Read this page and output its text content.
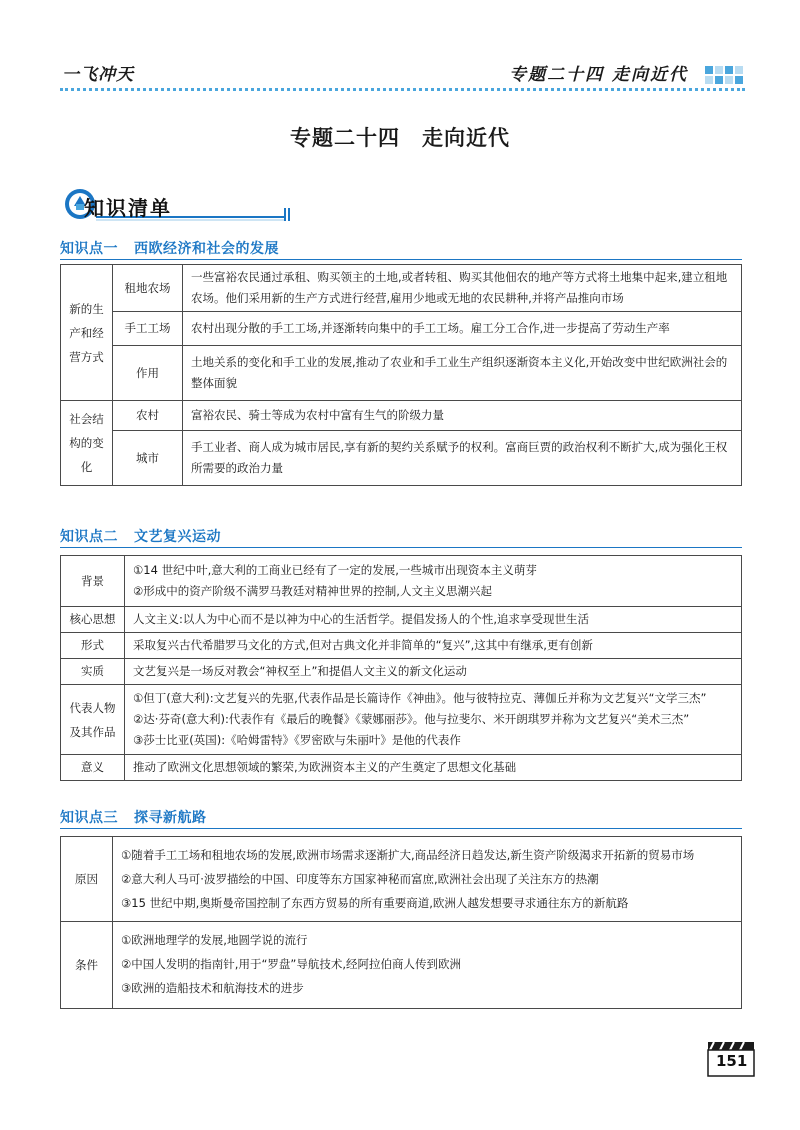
一飞冲天	专题二十四 走向近代
专题二十四 走向近代
知识清单
知识点一 西欧经济和社会的发展
新的生产和经营方式	租地农场	一些富裕农民通过承租、购买领主的土地,或者转租、购买其他佃农的地产等方式将土地集中起来,建立租地农场。他们采用新的生产方式进行经营,雇用少地或无地的农民耕种,并将产品推向市场
	手工工场	农村出现分散的手工工场,并逐渐转向集中的手工工场。雇工分工合作,进一步提高了劳动生产率
	作用	土地关系的变化和手工业的发展,推动了农业和手工业生产组织逐渐资本主义化,开始改变中世纪欧洲社会的整体面貌
社会结构的变化	农村	富裕农民、骑士等成为农村中富有生气的阶级力量
	城市	手工业者、商人成为城市居民,享有新的契约关系赋予的权利。富商巨贾的政治权利不断扩大,成为强化王权所需要的政治力量
知识点二 文艺复兴运动
背景	①14 世纪中叶,意大利的工商业已经有了一定的发展,一些城市出现资本主义萌芽
②形成中的资产阶级不满罗马教廷对精神世界的控制,人文主义思潮兴起

核心思想	人文主义:以人为中心而不是以神为中心的生活哲学。提倡发扬人的个性,追求享受现世生活
形式	采取复兴古代希腊罗马文化的方式,但对古典文化并非简单的“复兴”,这其中有继承,更有创新
实质	文艺复兴是一场反对教会“神权至上”和提倡人文主义的新文化运动
代表人物及其作品	①但丁(意大利):文艺复兴的先驱,代表作品是长篇诗作《神曲》。他与彼特拉克、薄伽丘并称为文艺复兴“文学三杰”
②达·芬奇(意大利):代表作有《最后的晚餐》《蒙娜丽莎》。他与拉斐尔、米开朗琪罗并称为文艺复兴“美术三杰”
③莎士比亚(英国):《哈姆雷特》《罗密欧与朱丽叶》是他的代表作

意义	推动了欧洲文化思想领域的繁荣,为欧洲资本主义的产生奠定了思想文化基础
知识点三 探寻新航路
原因	①随着手工工场和租地农场的发展,欧洲市场需求逐渐扩大,商品经济日趋发达,新生资产阶级渴求开拓新的贸易市场
②意大利人马可·波罗描绘的中国、印度等东方国家神秘而富庶,欧洲社会出现了关注东方的热潮
③15 世纪中期,奥斯曼帝国控制了东西方贸易的所有重要商道,欧洲人越发想要寻求通往东方的新航路

条件	①欧洲地理学的发展,地圆学说的流行
②中国人发明的指南针,用于“罗盘”导航技术,经阿拉伯商人传到欧洲
③欧洲的造船技术和航海技术的进步
151
